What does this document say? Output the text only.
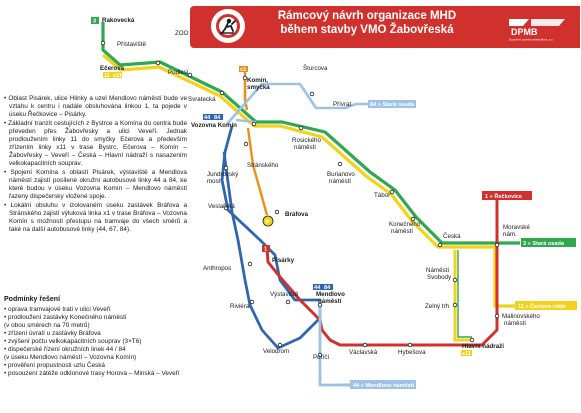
Rámcový návrh organizace MHD
během stavby VMO Žabovřeská	DPMB
Dopravní podnik města Brna, a.s.
3
11 x11
x1
44 84
1
44 84
x11
1 » Řečkovice
3 » Stará osada
11 » Čertova rokle
84 » Stará osada
44 » Mendlovo náměstí
P
Rakovecká
Přístaviště
ZOO
Ečerova
Podlesí
Svratecká
Komín,
smyčka
Šturcova
Přívrat
Vozovna Komín
Rosického
náměstí
Stránského
Jundrovský
most
Burianovo
náměstí
Veslařská
Tábor
Bráfova
Konečného
náměstí
Česká
Moravské
nám.
Písárky
Anthropos	Náměstí
Svobody
Zelný trh
Riviéra
Výstaviště	Mendlovo
náměstí
Malinovského
náměstí
Velodrom
Poříčí
Václavská	Hybešova
Hlavní nádraží
• Oblast Pisárek, ulice Hlinky a uzel Mendlovo náměstí bude ve vztahu k centru i nadále obsluhována linkou 1, ta pojede v úseku Řečkovice – Pisárky.
• Základní tranzit cestujících z Bystrce a Komína do centra bude převeden přes Žabovřesky a ulici Veveří. Jednak prodloužením linky 11 do smyčky Ečerova a především zřízením linky x11 v trase Bystrc, Ečerova – Komín – Žabovřesky – Veveří – Česká – Hlavní nádraží s nasazením velkokapacitních souprav.
• Spojení Komína s oblastí Pisárek, výstaviště a Mendlova náměstí zajistí posílené okružní autobusové linky 44 a 84, ke které budou v úseku Vozovna Komín – Mendlovo náměstí řazeny dispečersky vložené spoje.
• Lokální obsluhu v izolovaném úseku zastávek Bráfova a Stránského zajistí výluková linka x1 v trase Bráfova – Vozovna Komín s možností přestupu na tramvaje do všech směrů a také na další autobusové linky (44, 67, 84).
Podmínky řešení
• oprava tramvajové trati v ulici Veveří
• prodloužení zastávky Konečného náměstí
(v obou směrech na 70 metrů)
• zřízení úvratí u zastávky Bráfova
• zvýšení počtu velkokapacitních souprav (3×T6)
• dispečerské řízení okružních linek 44 / 84
(v úseku Mendlovo náměstí – Vozovna Komín)
• prověření propustnosti uzlu Česká
• posouzení zátěže odklonové trasy Horova – Minská – Veveří
